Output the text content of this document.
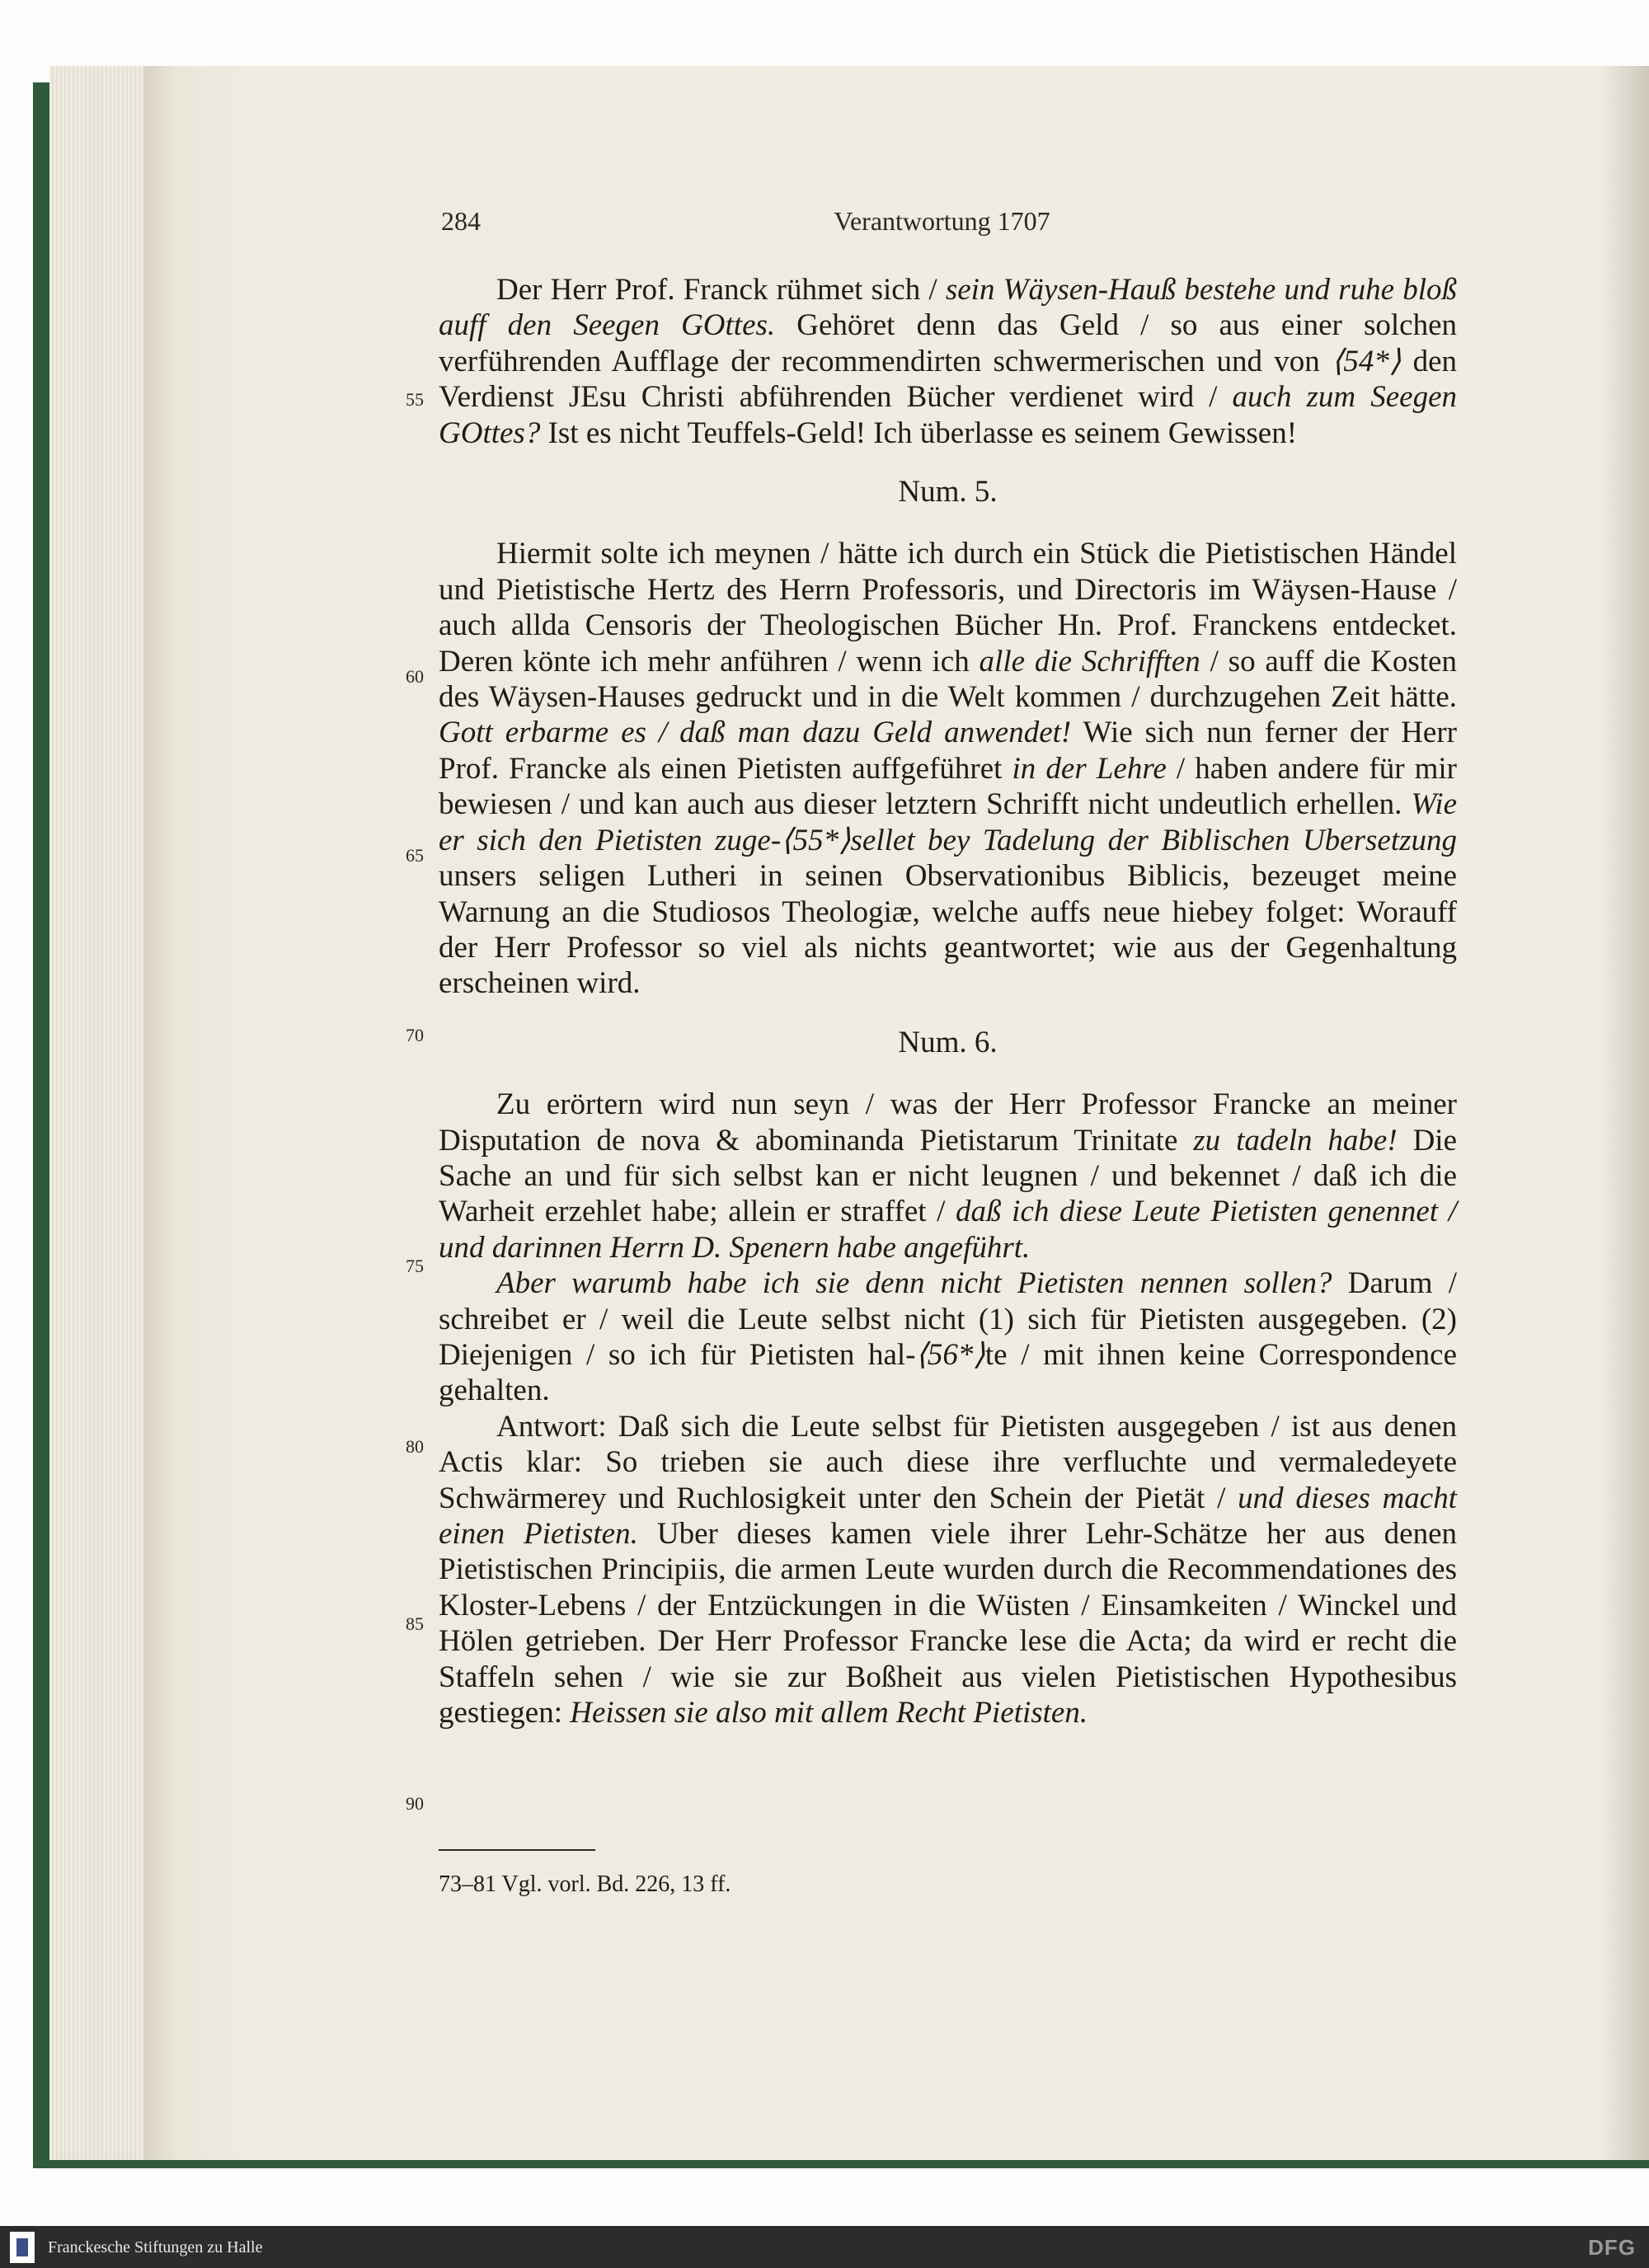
284	Verantwortung 1707
55
60
65
70
75
80
85
90

Der Herr Prof. Franck rühmet sich / sein Wäysen-Hauß bestehe und ruhe bloß auff den Seegen GOttes. Gehöret denn das Geld / so aus einer solchen verführenden Aufflage der recommendirten schwermerischen und von ⟨54*⟩ den Verdienst JEsu Christi abführenden Bücher verdienet wird / auch zum Seegen GOttes? Ist es nicht Teuffels-Geld! Ich überlasse es seinem Gewissen!

Num. 5.

Hiermit solte ich meynen / hätte ich durch ein Stück die Pietistischen Händel und Pietistische Hertz des Herrn Professoris, und Directoris im Wäysen-Hause / auch allda Censoris der Theologischen Bücher Hn. Prof. Franckens entdecket. Deren könte ich mehr anführen / wenn ich alle die Schrifften / so auff die Kosten des Wäysen-Hauses gedruckt und in die Welt kommen / durchzugehen Zeit hätte. Gott erbarme es / daß man dazu Geld anwendet! Wie sich nun ferner der Herr Prof. Francke als einen Pietisten auffgeführet in der Lehre / haben andere für mir bewiesen / und kan auch aus dieser letztern Schrifft nicht undeutlich erhellen. Wie er sich den Pietisten zuge-⟨55*⟩sellet bey Tadelung der Biblischen Ubersetzung unsers seligen Lutheri in seinen Observationibus Biblicis, bezeuget meine Warnung an die Studiosos Theologiæ, welche auffs neue hiebey folget: Worauff der Herr Professor so viel als nichts geantwortet; wie aus der Gegenhaltung erscheinen wird.

Num. 6.

Zu erörtern wird nun seyn / was der Herr Professor Francke an meiner Disputation de nova & abominanda Pietistarum Trinitate zu tadeln habe! Die Sache an und für sich selbst kan er nicht leugnen / und bekennet / daß ich die Warheit erzehlet habe; allein er straffet / daß ich diese Leute Pietisten genennet / und darinnen Herrn D. Spenern habe angeführt.

Aber warumb habe ich sie denn nicht Pietisten nennen sollen? Darum / schreibet er / weil die Leute selbst nicht (1) sich für Pietisten ausgegeben. (2) Diejenigen / so ich für Pietisten hal-⟨56*⟩te / mit ihnen keine Correspondence gehalten.

Antwort: Daß sich die Leute selbst für Pietisten ausgegeben / ist aus denen Actis klar: So trieben sie auch diese ihre verfluchte und vermaledeyete Schwärmerey und Ruchlosigkeit unter den Schein der Pietät / und dieses macht einen Pietisten. Uber dieses kamen viele ihrer Lehr-Schätze her aus denen Pietistischen Principiis, die armen Leute wurden durch die Recommendationes des Kloster-Lebens / der Entzückungen in die Wüsten / Einsamkeiten / Winckel und Hölen getrieben. Der Herr Professor Francke lese die Acta; da wird er recht die Staffeln sehen / wie sie zur Boßheit aus vielen Pietistischen Hypothesibus gestiegen: Heissen sie also mit allem Recht Pietisten.

73–81 Vgl. vorl. Bd. 226, 13 ff.
Franckesche Stiftungen zu Halle	DFG
